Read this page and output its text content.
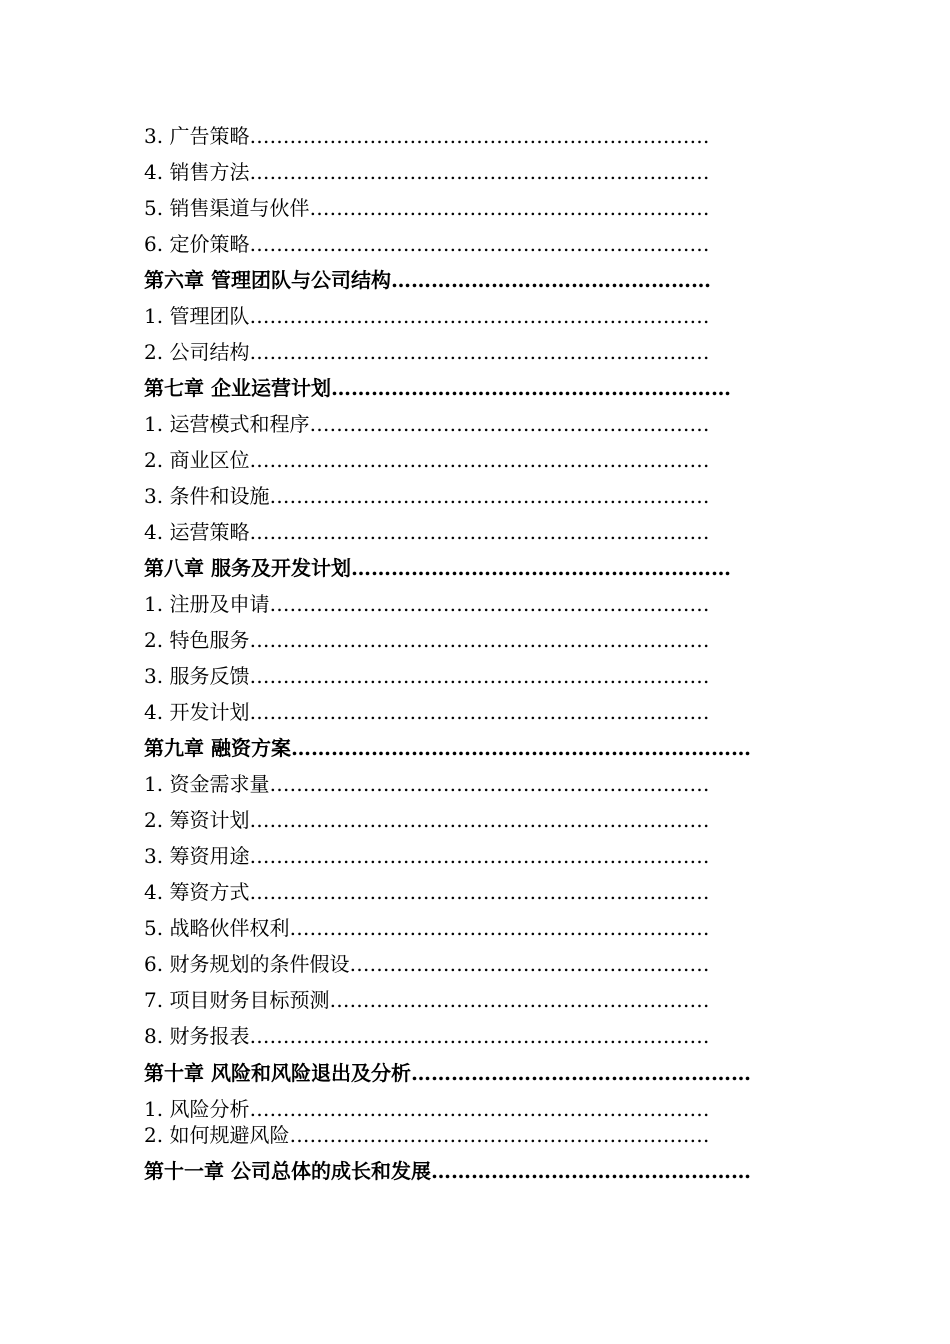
3. 广告策略……………………………………………………………
4. 销售方法……………………………………………………………
5. 销售渠道与伙伴……………………………………………………
6. 定价策略……………………………………………………………
第六章 管理团队与公司结构…………………………………………
1. 管理团队……………………………………………………………
2. 公司结构……………………………………………………………
第七章 企业运营计划……………………………………………………
1. 运营模式和程序……………………………………………………
2. 商业区位……………………………………………………………
3. 条件和设施…………………………………………………………
4. 运营策略……………………………………………………………
第八章 服务及开发计划…………………………………………………
1. 注册及申请…………………………………………………………
2. 特色服务……………………………………………………………
3. 服务反馈……………………………………………………………
4. 开发计划……………………………………………………………
第九章 融资方案……………………………………………………………
1. 资金需求量…………………………………………………………
2. 筹资计划……………………………………………………………
3. 筹资用途……………………………………………………………
4. 筹资方式……………………………………………………………
5. 战略伙伴权利………………………………………………………
6. 财务规划的条件假设………………………………………………
7. 项目财务目标预测…………………………………………………
8. 财务报表……………………………………………………………
第十章 风险和风险退出及分析……………………………………………
1. 风险分析……………………………………………………………
2. 如何规避风险………………………………………………………
第十一章 公司总体的成长和发展…………………………………………
